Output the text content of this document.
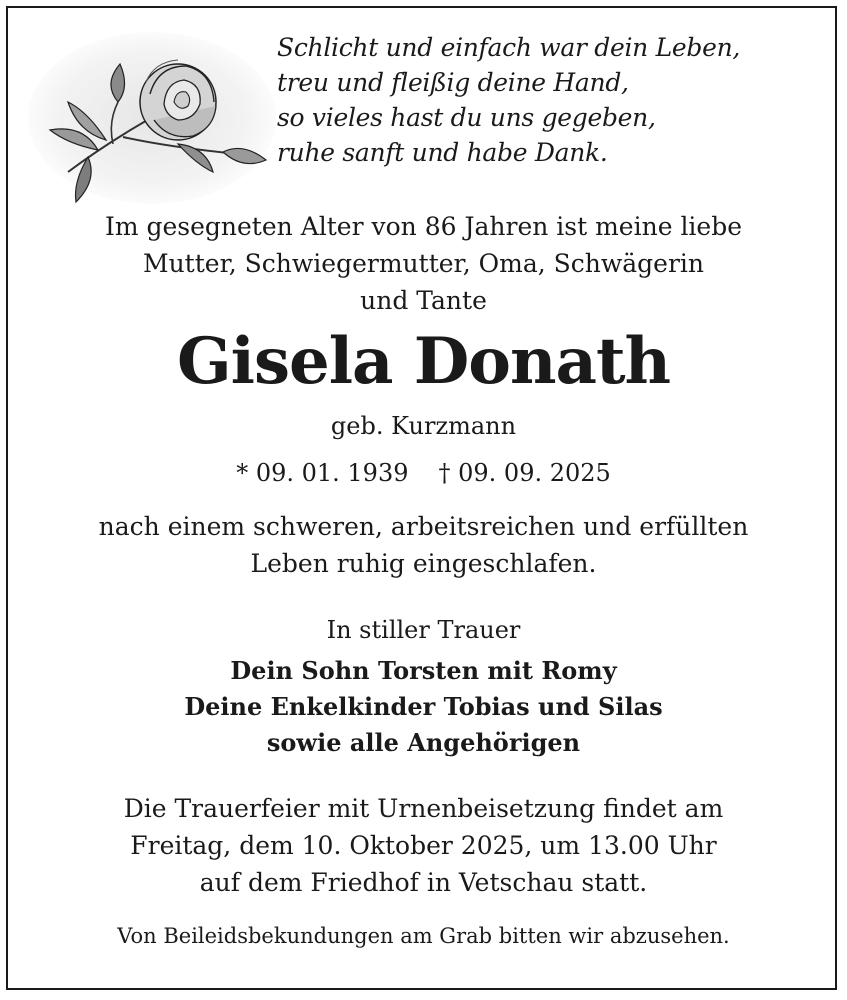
Schlicht und einfach war dein Leben,
treu und fleißig deine Hand,
so vieles hast du uns gegeben,
ruhe sanft und habe Dank.
Im gesegneten Alter von 86 Jahren ist meine liebe
Mutter, Schwiegermutter, Oma, Schwägerin
und Tante
Gisela Donath
geb. Kurzmann
* 09. 01. 1939 † 09. 09. 2025
nach einem schweren, arbeitsreichen und erfüllten
Leben ruhig eingeschlafen.
In stiller Trauer
Dein Sohn Torsten mit Romy
Deine Enkelkinder Tobias und Silas
sowie alle Angehörigen
Die Trauerfeier mit Urnenbeisetzung findet am
Freitag, dem 10. Oktober 2025, um 13.00 Uhr
auf dem Friedhof in Vetschau statt.
Von Beileidsbekundungen am Grab bitten wir abzusehen.
